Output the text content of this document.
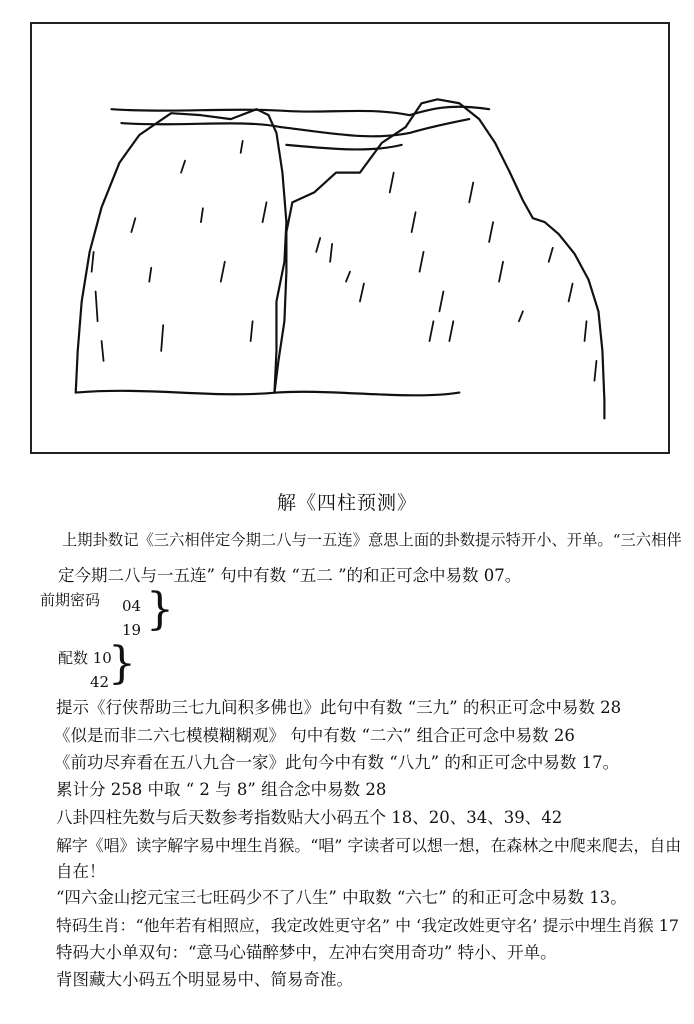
解《四柱预测》
上期卦数记《三六相伴定今期二八与一五连》意思上面的卦数提示特开小、开单。“三六相伴
定今期二八与一五连” 句中有数 “五二 ”的和正可念中易数 07。
前期密码 04
19 }
配数 10
42
}
提示《行侠帮助三七九间积多佛也》此句中有数 “三九” 的积正可念中易数 28
《似是而非二六七模模糊糊观》 句中有数 “二六” 组合正可念中易数 26
《前功尽弃看在五八九合一家》此句今中有数 “八九” 的和正可念中易数 17。
累计分 258 中取 “ 2 与 8” 组合念中易数 28
八卦四柱先数与后天数参考指数贴大小码五个 18、20、34、39、42
解字《唱》读字解字易中埋生肖猴。“唱” 字读者可以想一想，在森林之中爬来爬去，自由
自在！
“四六金山挖元宝三七旺码少不了八生” 中取数 “六七” 的和正可念中易数 13。
特码生肖：“他年若有相照应，我定改姓更守名” 中 ‘我定改姓更守名’ 提示中埋生肖猴 17
特码大小单双句：“意马心锚醉梦中，左冲右突用奇功” 特小、开单。
背图藏大小码五个明显易中、简易奇准。
